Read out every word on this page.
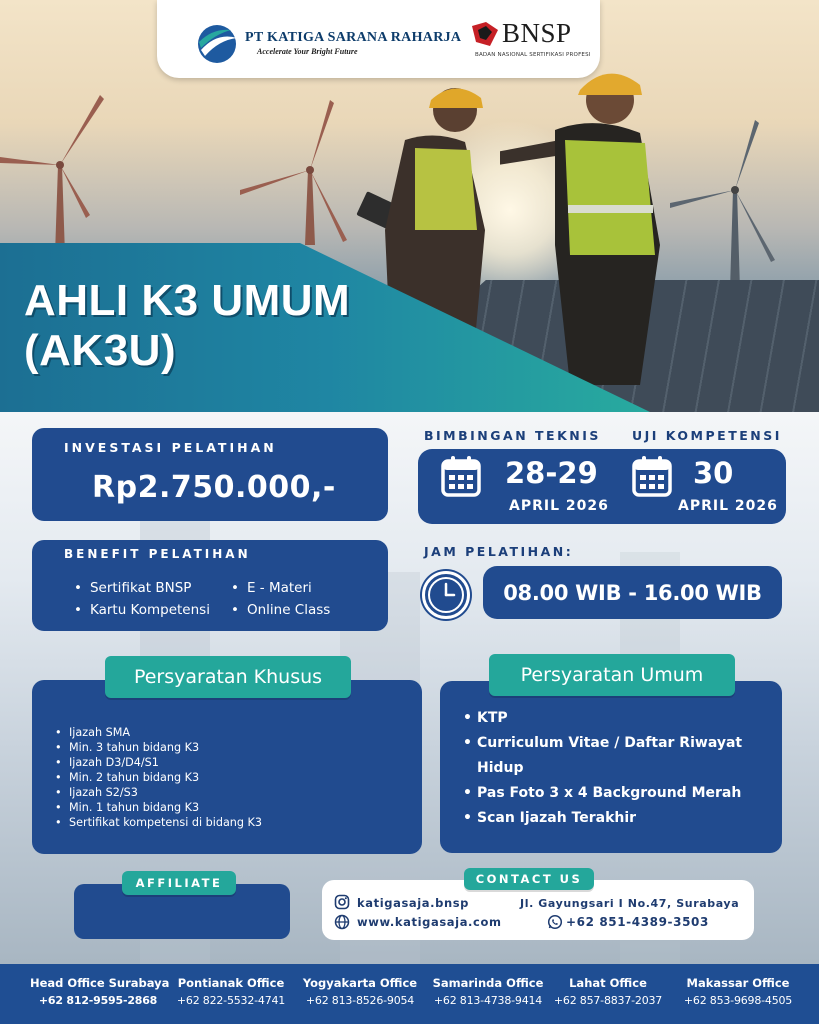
AHLI K3 UMUM
(AK3U)
PT KATIGA SARANA RAHARJA
Accelerate Your Bright Future
BNSP
BADAN NASIONAL SERTIFIKASI PROFESI
INVESTASI PELATIHAN
Rp2.750.000,-
BIMBINGAN TEKNIS UJI KOMPETENSI
28-29
APRIL 2026
30
APRIL 2026
BENEFIT PELATIHAN
• Sertifikat BNSP
• Kartu Kompetensi
• E - Materi
• Online Class
JAM PELATIHAN:
08.00 WIB - 16.00 WIB
Persyaratan Khusus
• Ijazah SMA
• Min. 3 tahun bidang K3
• Ijazah D3/D4/S1
• Min. 2 tahun bidang K3
• Ijazah S2/S3
• Min. 1 tahun bidang K3
• Sertifikat kompetensi di bidang K3
Persyaratan Umum
• KTP
• Curriculum Vitae / Daftar Riwayat Hidup
• Pas Foto 3 x 4 Background Merah
• Scan Ijazah Terakhir
AFFILIATE	CONTACT US
katigasaja.bnsp
www.katigasaja.com
Jl. Gayungsari I No.47, Surabaya
+62 851-4389-3503
Head Office Surabaya
+62 812-9595-2868
Pontianak Office
+62 822-5532-4741
Yogyakarta Office
+62 813-8526-9054
Samarinda Office
+62 813-4738-9414
Lahat Office
+62 857-8837-2037
Makassar Office
+62 853-9698-4505
